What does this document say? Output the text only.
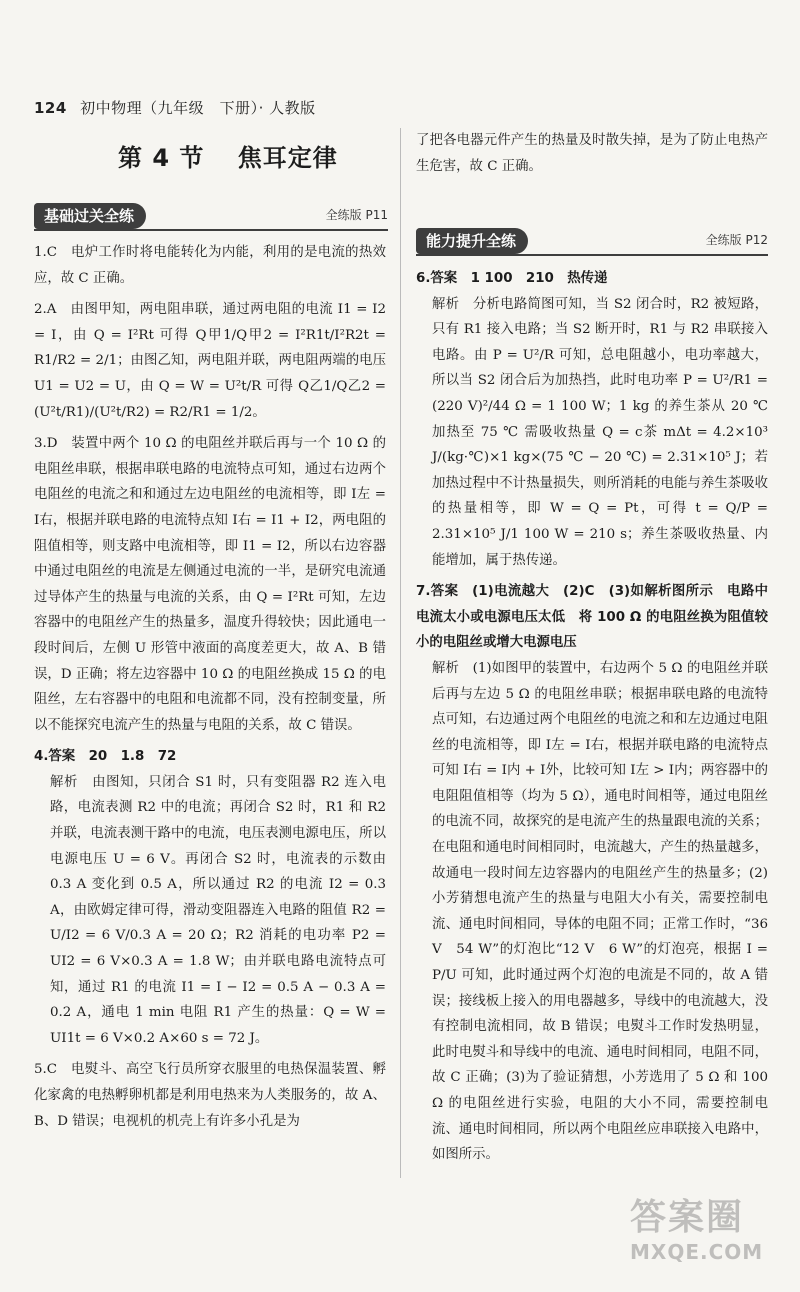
124 初中物理（九年级　下册）· 人教版
第 4 节 焦耳定律
基础过关全练	全练版 P11

1.C　电炉工作时将电能转化为内能，利用的是电流的热效应，故 C 正确。

2.A　由图甲知，两电阻串联，通过两电阻的电流 I1 = I2 = I，由 Q = I²Rt 可得 Q甲1/Q甲2 = I²R1t/I²R2t = R1/R2 = 2/1；由图乙知，两电阻并联，两电阻两端的电压 U1 = U2 = U，由 Q = W = U²t/R 可得 Q乙1/Q乙2 = (U²t/R1)/(U²t/R2) = R2/R1 = 1/2。

3.D　装置中两个 10 Ω 的电阻丝并联后再与一个 10 Ω 的电阻丝串联，根据串联电路的电流特点可知，通过右边两个电阻丝的电流之和和通过左边电阻丝的电流相等，即 I左 = I右，根据并联电路的电流特点知 I右 = I1 + I2，两电阻的阻值相等，则支路中电流相等，即 I1 = I2，所以右边容器中通过电阻丝的电流是左侧通过电流的一半，是研究电流通过导体产生的热量与电流的关系，由 Q = I²Rt 可知，左边容器中的电阻丝产生的热量多，温度升得较快；因此通电一段时间后，左侧 U 形管中液面的高度差更大，故 A、B 错误，D 正确；将左边容器中 10 Ω 的电阻丝换成 15 Ω 的电阻丝，左右容器中的电阻和电流都不同，没有控制变量，所以不能探究电流产生的热量与电阻的关系，故 C 错误。

4.答案　20　1.8　72

解析　由图知，只闭合 S1 时，只有变阻器 R2 连入电路，电流表测 R2 中的电流；再闭合 S2 时，R1 和 R2 并联，电流表测干路中的电流，电压表测电源电压，所以电源电压 U = 6 V。再闭合 S2 时，电流表的示数由 0.3 A 变化到 0.5 A，所以通过 R2 的电流 I2 = 0.3 A，由欧姆定律可得，滑动变阻器连入电路的阻值 R2 = U/I2 = 6 V/0.3 A = 20 Ω；R2 消耗的电功率 P2 = UI2 = 6 V×0.3 A = 1.8 W；由并联电路电流特点可知，通过 R1 的电流 I1 = I − I2 = 0.5 A − 0.3 A = 0.2 A，通电 1 min 电阻 R1 产生的热量：Q = W = UI1t = 6 V×0.2 A×60 s = 72 J。

5.C　电熨斗、高空飞行员所穿衣服里的电热保温装置、孵化家禽的电热孵卵机都是利用电热来为人类服务的，故 A、B、D 错误；电视机的机壳上有许多小孔是为

了把各电器元件产生的热量及时散失掉，是为了防止电热产生危害，故 C 正确。

能力提升全练	全练版 P12

6.答案　1 100　210　热传递

解析　分析电路简图可知，当 S2 闭合时，R2 被短路，只有 R1 接入电路；当 S2 断开时，R1 与 R2 串联接入电路。由 P = U²/R 可知，总电阻越小，电功率越大，所以当 S2 闭合后为加热挡，此时电功率 P = U²/R1 = (220 V)²/44 Ω = 1 100 W；1 kg 的养生茶从 20 ℃ 加热至 75 ℃ 需吸收热量 Q = c茶 mΔt = 4.2×10³ J/(kg·℃)×1 kg×(75 ℃ − 20 ℃) = 2.31×10⁵ J；若加热过程中不计热量损失，则所消耗的电能与养生茶吸收的热量相等，即 W = Q = Pt，可得 t = Q/P = 2.31×10⁵ J/1 100 W = 210 s；养生茶吸收热量、内能增加，属于热传递。

7.答案　(1)电流越大　(2)C　(3)如解析图所示　电路中电流太小或电源电压太低　将 100 Ω 的电阻丝换为阻值较小的电阻丝或增大电源电压

解析　(1)如图甲的装置中，右边两个 5 Ω 的电阻丝并联后再与左边 5 Ω 的电阻丝串联；根据串联电路的电流特点可知，右边通过两个电阻丝的电流之和和左边通过电阻丝的电流相等，即 I左 = I右，根据并联电路的电流特点可知 I右 = I内 + I外，比较可知 I左 > I内；两容器中的电阻阻值相等（均为 5 Ω），通电时间相等，通过电阻丝的电流不同，故探究的是电流产生的热量跟电流的关系；在电阻和通电时间相同时，电流越大，产生的热量越多，故通电一段时间左边容器内的电阻丝产生的热量多；(2)小芳猜想电流产生的热量与电阻大小有关，需要控制电流、通电时间相同，导体的电阻不同；正常工作时，“36 V　54 W”的灯泡比“12 V　6 W”的灯泡亮，根据 I = P/U 可知，此时通过两个灯泡的电流是不同的，故 A 错误；接线板上接入的用电器越多，导线中的电流越大，没有控制电流相同，故 B 错误；电熨斗工作时发热明显，此时电熨斗和导线中的电流、通电时间相同，电阻不同，故 C 正确；(3)为了验证猜想，小芳选用了 5 Ω 和 100 Ω 的电阻丝进行实验，电阻的大小不同，需要控制电流、通电时间相同，所以两个电阻丝应串联接入电路中，如图所示。

答案圈
MXQE.COM
